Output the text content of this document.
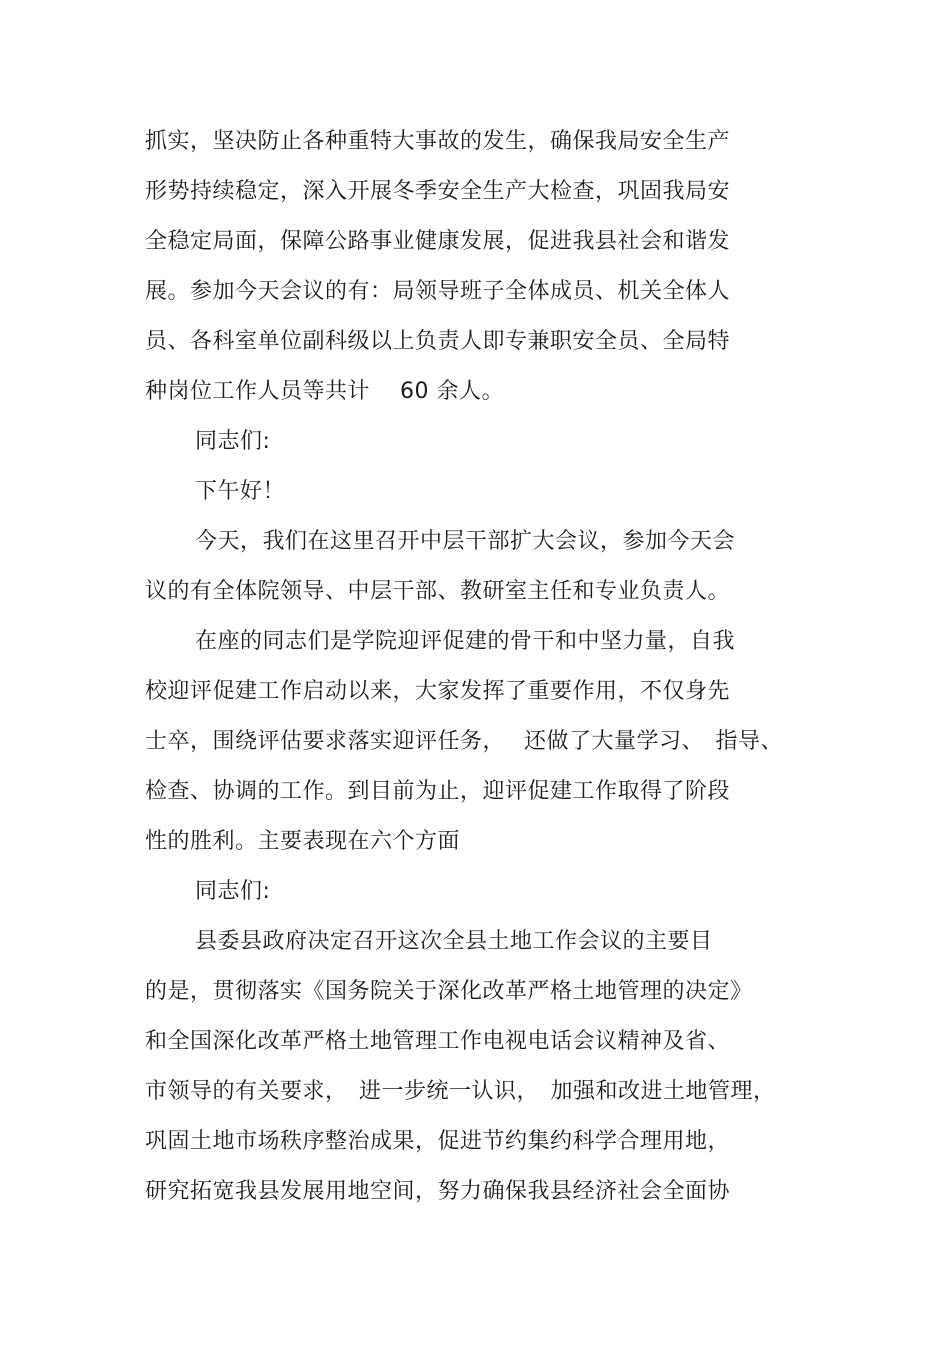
抓实，坚决防止各种重特大事故的发生，确保我局安全生产
形势持续稳定，深入开展冬季安全生产大检查，巩固我局安
全稳定局面，保障公路事业健康发展，促进我县社会和谐发
展。参加今天会议的有：局领导班子全体成员、机关全体人
员、各科室单位副科级以上负责人即专兼职安全员、全局特
种岗位工作人员等共计　 60 余人。
同志们:
下午好！
今天，我们在这里召开中层干部扩大会议，参加今天会
议的有全体院领导、中层干部、教研室主任和专业负责人。
在座的同志们是学院迎评促建的骨干和中坚力量，自我
校迎评促建工作启动以来，大家发挥了重要作用，不仅身先
士卒，围绕评估要求落实迎评任务，　 还做了大量学习、　指导、
检查、协调的工作。到目前为止，迎评促建工作取得了阶段
性的胜利。主要表现在六个方面
同志们:
县委县政府决定召开这次全县土地工作会议的主要目
的是，贯彻落实《国务院关于深化改革严格土地管理的决定》
和全国深化改革严格土地管理工作电视电话会议精神及省、
市领导的有关要求，　进一步统一认识，　加强和改进土地管理，
巩固土地市场秩序整治成果，促进节约集约科学合理用地，
研究拓宽我县发展用地空间，努力确保我县经济社会全面协
